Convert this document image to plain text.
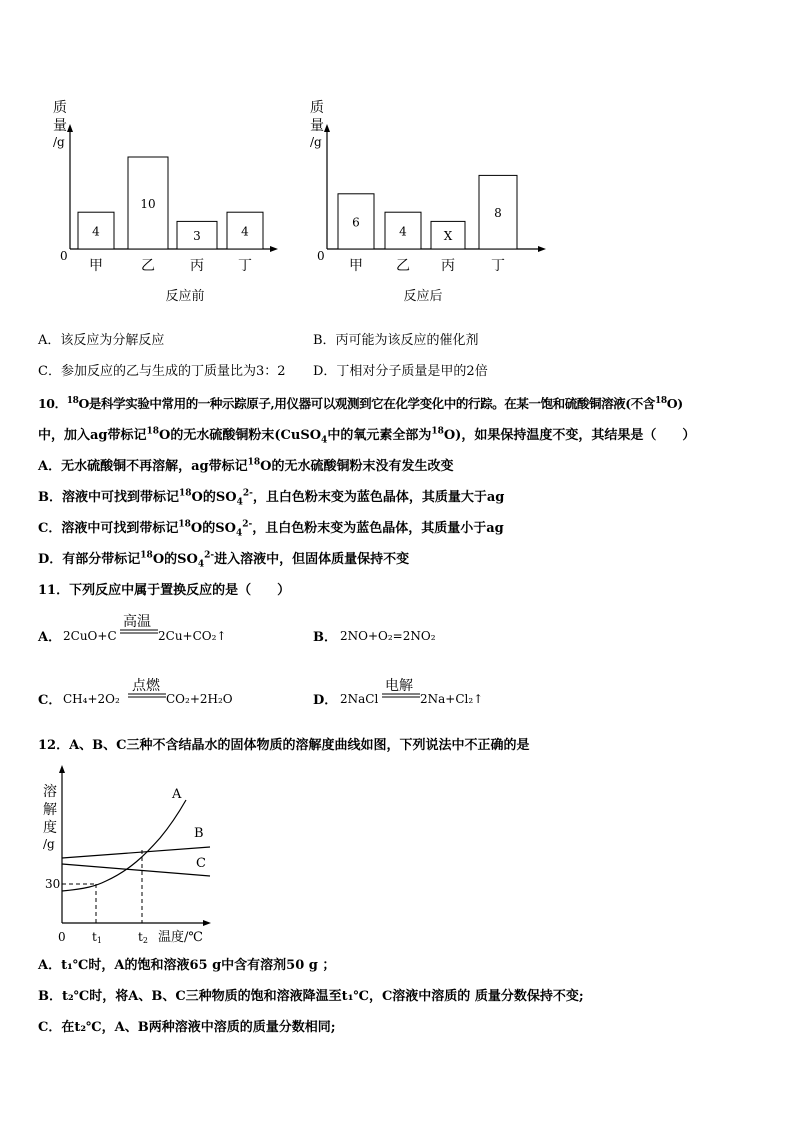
质
量
/g
0
4
甲
10
乙
3
丙
4
丁
反应前
质
量
/g
0
6
甲
4
乙
X
丙
8
丁
反应后
A．该反应为分解反应	B．丙可能为该反应的催化剂
C．参加反应的乙与生成的丁质量比为3：2 D．丁相对分子质量是甲的2倍
10．$^{18}$O是科学实验中常用的一种示踪原子,用仪器可以观测到它在化学变化中的行踪。在某一饱和硫酸铜溶液(不含$^{18}$O)
中，加入ag带标记$^{18}$O的无水硫酸铜粉末(CuSO$_4$中的氧元素全部为$^{18}$O)，如果保持温度不变，其结果是（　　）
A．无水硫酸铜不再溶解，ag带标记$^{18}$O的无水硫酸铜粉末没有发生改变
B．溶液中可找到带标记$^{18}$O的$SO_4^{2-}$，且白色粉末变为蓝色晶体，其质量大于ag
C．溶液中可找到带标记$^{18}$O的$SO_4^{2-}$，且白色粉末变为蓝色晶体，其质量小于ag
D．有部分带标记$^{18}$O的$SO_4^{2-}$进入溶液中，但固体质量保持不变
11．下列反应中属于置换反应的是（　　）
A． 2CuO+C
高温
2Cu+CO₂↑	B． 2NO+O₂=2NO₂
C． CH₄+2O₂
点燃
CO₂+2H₂O	D． 2NaCl
电解
2Na+Cl₂↑
12．A、B、C三种不含结晶水的固体物质的溶解度曲线如图，下列说法中不正确的是
溶
解
度
/g
0
30
t1	t2 温度/℃
A
B
C
A．t₁℃时，A的饱和溶液65 g中含有溶剂50 g ；
B．t₂℃时，将A、B、C三种物质的饱和溶液降温至t₁℃，C溶液中溶质的 质量分数保持不变;
C．在t₂℃，A、B两种溶液中溶质的质量分数相同;
